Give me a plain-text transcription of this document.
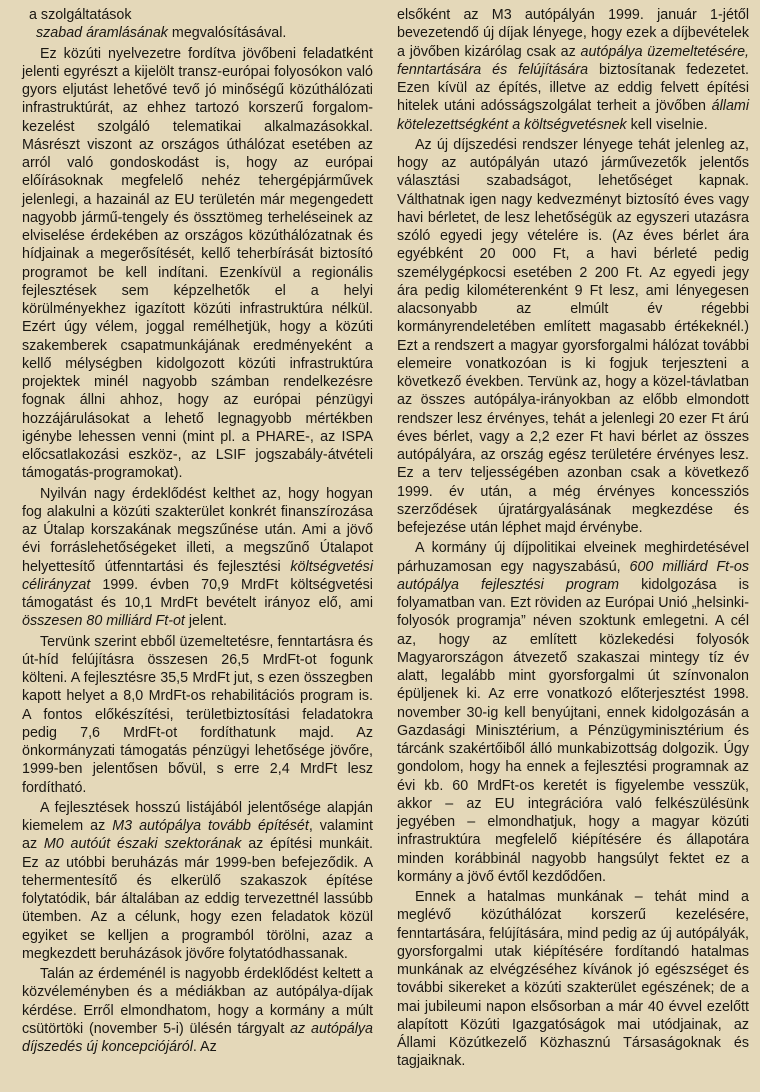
a szolgáltatások
szabad áramlásának megvalósításával.

Ez közúti nyelvezetre fordítva jövőbeni feladatként jelenti egyrészt a kijelölt transz-európai folyosókon való gyors eljutást lehetővé tevő jó minőségű közúthálózati infrastruktúrát, az ehhez tartozó korszerű forgalom-kezelést szolgáló telematikai alkalmazásokkal. Másrészt viszont az országos úthálózat esetében az arról való gondoskodást is, hogy az európai előírásoknak megfelelő nehéz tehergépjárművek jelenlegi, a hazainál az EU területén már megengedett nagyobb jármű-tengely és össztömeg terheléseinek az elviselése érdekében az országos közúthálózatnak és hídjainak a megerősítését, kellő teherbírását biztosító programot be kell indítani. Ezenkívül a regionális fejlesztések sem képzelhetők el a helyi körülményekhez igazított közúti infrastruktúra nélkül. Ezért úgy vélem, joggal remélhetjük, hogy a közúti szakemberek csapatmunkájának eredményeként a kellő mélységben kidolgozott közúti infrastruktúra projektek minél nagyobb számban rendelkezésre fognak állni ahhoz, hogy az európai pénzügyi hozzájárulásokat a lehető legnagyobb mértékben igénybe lehessen venni (mint pl. a PHARE-, az ISPA előcsatlakozási eszköz-, az LSIF jogszabály-átvételi támogatás-programokat).

Nyilván nagy érdeklődést kelthet az, hogy hogyan fog alakulni a közúti szakterület konkrét finanszírozása az Útalap korszakának megszűnése után. Ami a jövő évi forráslehetőségeket illeti, a megszűnő Útalapot helyettesítő útfenntartási és fejlesztési költségvetési célirányzat 1999. évben 70,9 MrdFt költségvetési támogatást és 10,1 MrdFt bevételt irányoz elő, ami összesen 80 milliárd Ft-ot jelent.

Tervünk szerint ebből üzemeltetésre, fenntartásra és út-híd felújításra összesen 26,5 MrdFt-ot fogunk költeni. A fejlesztésre 35,5 MrdFt jut, s ezen összegben kapott helyet a 8,0 MrdFt-os rehabilitációs program is. A fontos előkészítési, területbiztosítási feladatokra pedig 7,6 MrdFt-ot fordíthatunk majd. Az önkormányzati támogatás pénzügyi lehetősége jövőre, 1999-ben jelentősen bővül, s erre 2,4 MrdFt lesz fordítható.

A fejlesztések hosszú listájából jelentősége alapján kiemelem az M3 autópálya tovább építését, valamint az M0 autóút északi szektorának az építési munkáit. Ez az utóbbi beruházás már 1999-ben befejeződik. A tehermentesítő és elkerülő szakaszok építése folytatódik, bár általában az eddig tervezettnél lassúbb ütemben. Az a célunk, hogy ezen feladatok közül egyiket se kelljen a programból törölni, azaz a megkezdett beruházások jövőre folytatódhassanak.

Talán az érdeménél is nagyobb érdeklődést keltett a közvéleményben és a médiákban az autópálya-díjak kérdése. Erről elmondhatom, hogy a kormány a múlt csütörtöki (november 5-i) ülésén tárgyalt az autópálya díjszedés új koncepciójáról. Az

elsőként az M3 autópályán 1999. január 1-jétől bevezetendő új díjak lényege, hogy ezek a díjbevételek a jövőben kizárólag csak az autópálya üzemeltetésére, fenntartására és felújítására biztosítanak fedezetet. Ezen kívül az építés, illetve az eddig felvett építési hitelek utáni adósságszolgálat terheit a jövőben állami kötelezettségként a költségvetésnek kell viselnie.

Az új díjszedési rendszer lényege tehát jelenleg az, hogy az autópályán utazó járművezetők jelentős választási szabadságot, lehetőséget kapnak. Válthatnak igen nagy kedvezményt biztosító éves vagy havi bérletet, de lesz lehetőségük az egyszeri utazásra szóló egyedi jegy vételére is. (Az éves bérlet ára egyébként 20 000 Ft, a havi bérleté pedig személygépkocsi esetében 2 200 Ft. Az egyedi jegy ára pedig kilométerenként 9 Ft lesz, ami lényegesen alacsonyabb az elmúlt év régebbi kormányrendeletében említett magasabb értékeknél.) Ezt a rendszert a magyar gyorsforgalmi hálózat további elemeire vonatkozóan is ki fogjuk terjeszteni a következő években. Tervünk az, hogy a közel-távlatban az összes autópálya-irányokban az előbb elmondott rendszer lesz érvényes, tehát a jelenlegi 20 ezer Ft árú éves bérlet, vagy a 2,2 ezer Ft havi bérlet az összes autópályára, az ország egész területére érvényes lesz. Ez a terv teljességében azonban csak a következő 1999. év után, a még érvényes koncessziós szerződések újratárgyalásának megkezdése és befejezése után léphet majd érvénybe.

A kormány új díjpolitikai elveinek meghirdetésével párhuzamosan egy nagyszabású, 600 milliárd Ft-os autópálya fejlesztési program kidolgozása is folyamatban van. Ezt röviden az Európai Unió „helsinki-folyosók programja” néven szoktunk emlegetni. A cél az, hogy az említett közlekedési folyosók Magyarországon átvezető szakaszai mintegy tíz év alatt, legalább mint gyorsforgalmi út színvonalon épüljenek ki. Az erre vonatkozó előterjesztést 1998. november 30-ig kell benyújtani, ennek kidolgozásán a Gazdasági Minisztérium, a Pénzügyminisztérium és tárcánk szakértőiből álló munkabizottság dolgozik. Úgy gondolom, hogy ha ennek a fejlesztési programnak az évi kb. 60 MrdFt-os keretét is figyelembe vesszük, akkor – az EU integrációra való felkészülésünk jegyében – elmondhatjuk, hogy a magyar közúti infrastruktúra megfelelő kiépítésére és állapotára minden korábbinál nagyobb hangsúlyt fektet ez a kormány a jövő évtől kezdődően.

Ennek a hatalmas munkának – tehát mind a meglévő közúthálózat korszerű kezelésére, fenntartására, felújítására, mind pedig az új autópályák, gyorsforgalmi utak kiépítésére fordítandó hatalmas munkának az elvégzéséhez kívánok jó egészséget és további sikereket a közúti szakterület egészének; de a mai jubileumi napon elsősorban a már 40 évvel ezelőtt alapított Közúti Igazgatóságok mai utódjainak, az Állami Közútkezelő Közhasznú Társaságoknak és tagjaiknak.
